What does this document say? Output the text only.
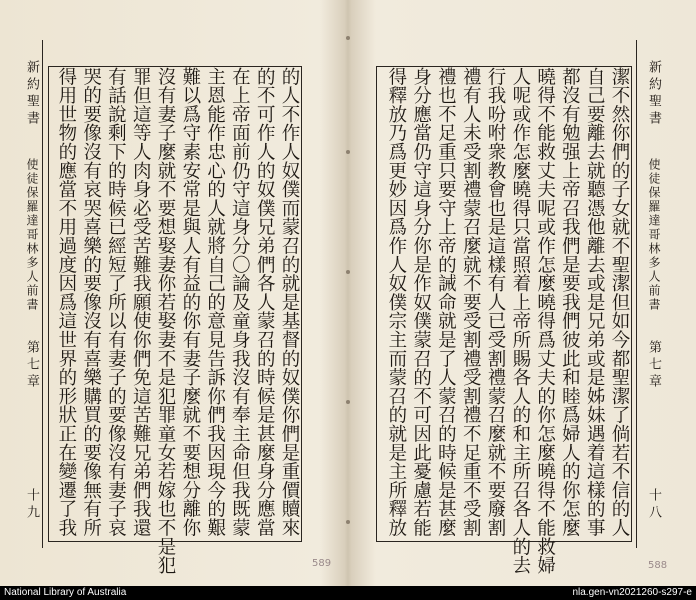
新約聖書
使徒保羅達哥林多人前書
第七章
十九	的人不作人奴僕而蒙召的就是基督的奴僕你們是重價贖來
的不可作人的奴僕兄弟們各人蒙召的時候是甚麼身分應當
在上帝面前仍守這身分〇論及童身我沒有奉主命但我既蒙
主恩能作忠心的人就將自己的意見告訴你們我因現今的艱
難以爲守素安常是與人有益的你有妻子麼就不要想分離你
沒有妻子麼就不要想娶妻你若娶妻不是犯罪童女若嫁也不是犯
罪但這等人肉身必受苦難我願使你們免這苦難兄弟們我還
有話說剩下的時候已經短了所以有妻子的要像沒有妻子哀
哭的要像沒有哀哭喜樂的要像沒有喜樂購買的要像無有所
得用世物的應當不用過度因爲這世界的形狀正在變遷了我	新約聖書
使徒保羅達哥林多人前書
第七章
十八
潔不然你們的子女就不聖潔但如今都聖潔了倘若不信的人
自己要離去就聽憑他離去或是兄弟或是姊妹遇着這樣的事
都沒有勉强上帝召我們是要我們彼此和睦爲婦人的你怎麼
曉得不能救丈夫呢或作怎麼曉得爲丈夫的你怎麼曉得不能救婦
人呢或作怎麼曉得只當照着上帝所賜各人的和主所召各人的去
行我吩咐衆教會也是這樣有人已受割禮蒙召麼就不要廢割
禮有人未受割禮蒙召麼就不要受割禮受割禮不足重不受割
禮也不足重只要守上帝的誡命就是了人蒙召的時候是甚麼
身分應當仍守這身分你是作奴僕蒙召的不可因此憂慮若能
得釋放乃爲更妙因爲作人奴僕宗主而蒙召的就是主所釋放
589	588
National Library of Australia	nla.gen-vn2021260-s297-e
